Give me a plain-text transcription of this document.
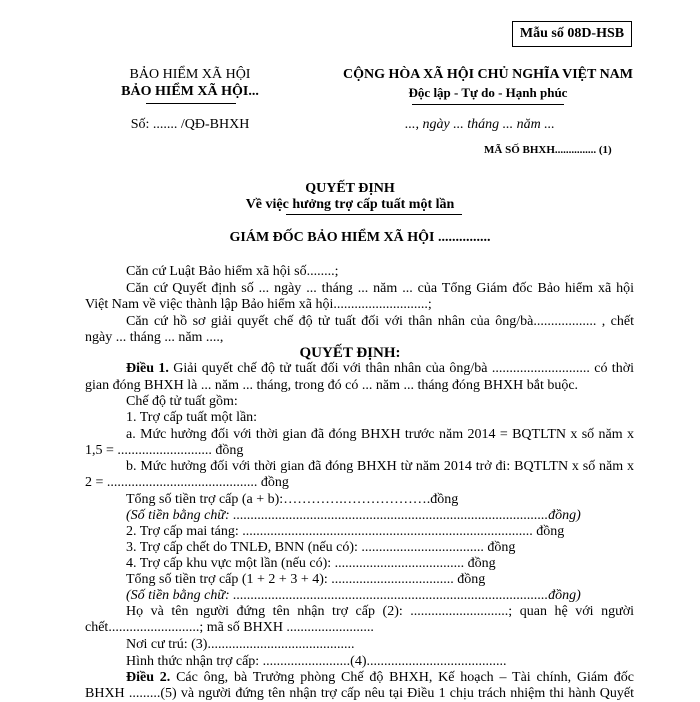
Mẫu số 08D-HSB
BẢO HIỂM XÃ HỘI
BẢO HIỂM XÃ HỘI...
CỘNG HÒA XÃ HỘI CHỦ NGHĨA VIỆT NAM
Độc lập - Tự do - Hạnh phúc
Số: ....... /QĐ-BHXH	..., ngày ... tháng ... năm ...
MÃ SỐ BHXH............... (1)
QUYẾT ĐỊNH
Về việc hưởng trợ cấp tuất một lần
GIÁM ĐỐC BẢO HIỂM XÃ HỘI ...............
Căn cứ Luật Bảo hiểm xã hội số........;
Căn cứ Quyết định số ... ngày ... tháng ... năm ... của Tổng Giám đốc Bảo hiểm xã hội
Việt Nam về việc thành lập Bảo hiểm xã hội...........................;
Căn cứ hồ sơ giải quyết chế độ tử tuất đối với thân nhân của ông/bà.................. , chết
ngày ... tháng ... năm ....,
QUYẾT ĐỊNH:
Điều 1. Giải quyết chế độ tử tuất đối với thân nhân của ông/bà ............................ có thời
gian đóng BHXH là ... năm ... tháng, trong đó có ... năm ... tháng đóng BHXH bắt buộc.
Chế độ tử tuất gồm:
1. Trợ cấp tuất một lần:
a. Mức hưởng đối với thời gian đã đóng BHXH trước năm 2014 = BQTLTN x số năm x
1,5 = ........................... đồng
b. Mức hưởng đối với thời gian đã đóng BHXH từ năm 2014 trở đi: BQTLTN x số năm x
2 = ........................................... đồng
Tổng số tiền trợ cấp (a + b):………….……………….đồng
(Số tiền bằng chữ: ..........................................................................................đồng)
2. Trợ cấp mai táng: ................................................................................... đồng
3. Trợ cấp chết do TNLĐ, BNN (nếu có): ................................... đồng
4. Trợ cấp khu vực một lần (nếu có): ..................................... đồng
Tổng số tiền trợ cấp (1 + 2 + 3 + 4): ................................... đồng
(Số tiền bằng chữ: ..........................................................................................đồng)
Họ và tên người đứng tên nhận trợ cấp (2): ............................; quan hệ với người
chết..........................; mã số BHXH .........................
Nơi cư trú: (3)..........................................
Hình thức nhận trợ cấp: .........................(4)........................................
Điều 2. Các ông, bà Trưởng phòng Chế độ BHXH, Kế hoạch – Tài chính, Giám đốc
BHXH .........(5) và người đứng tên nhận trợ cấp nêu tại Điều 1 chịu trách nhiệm thi hành Quyết
